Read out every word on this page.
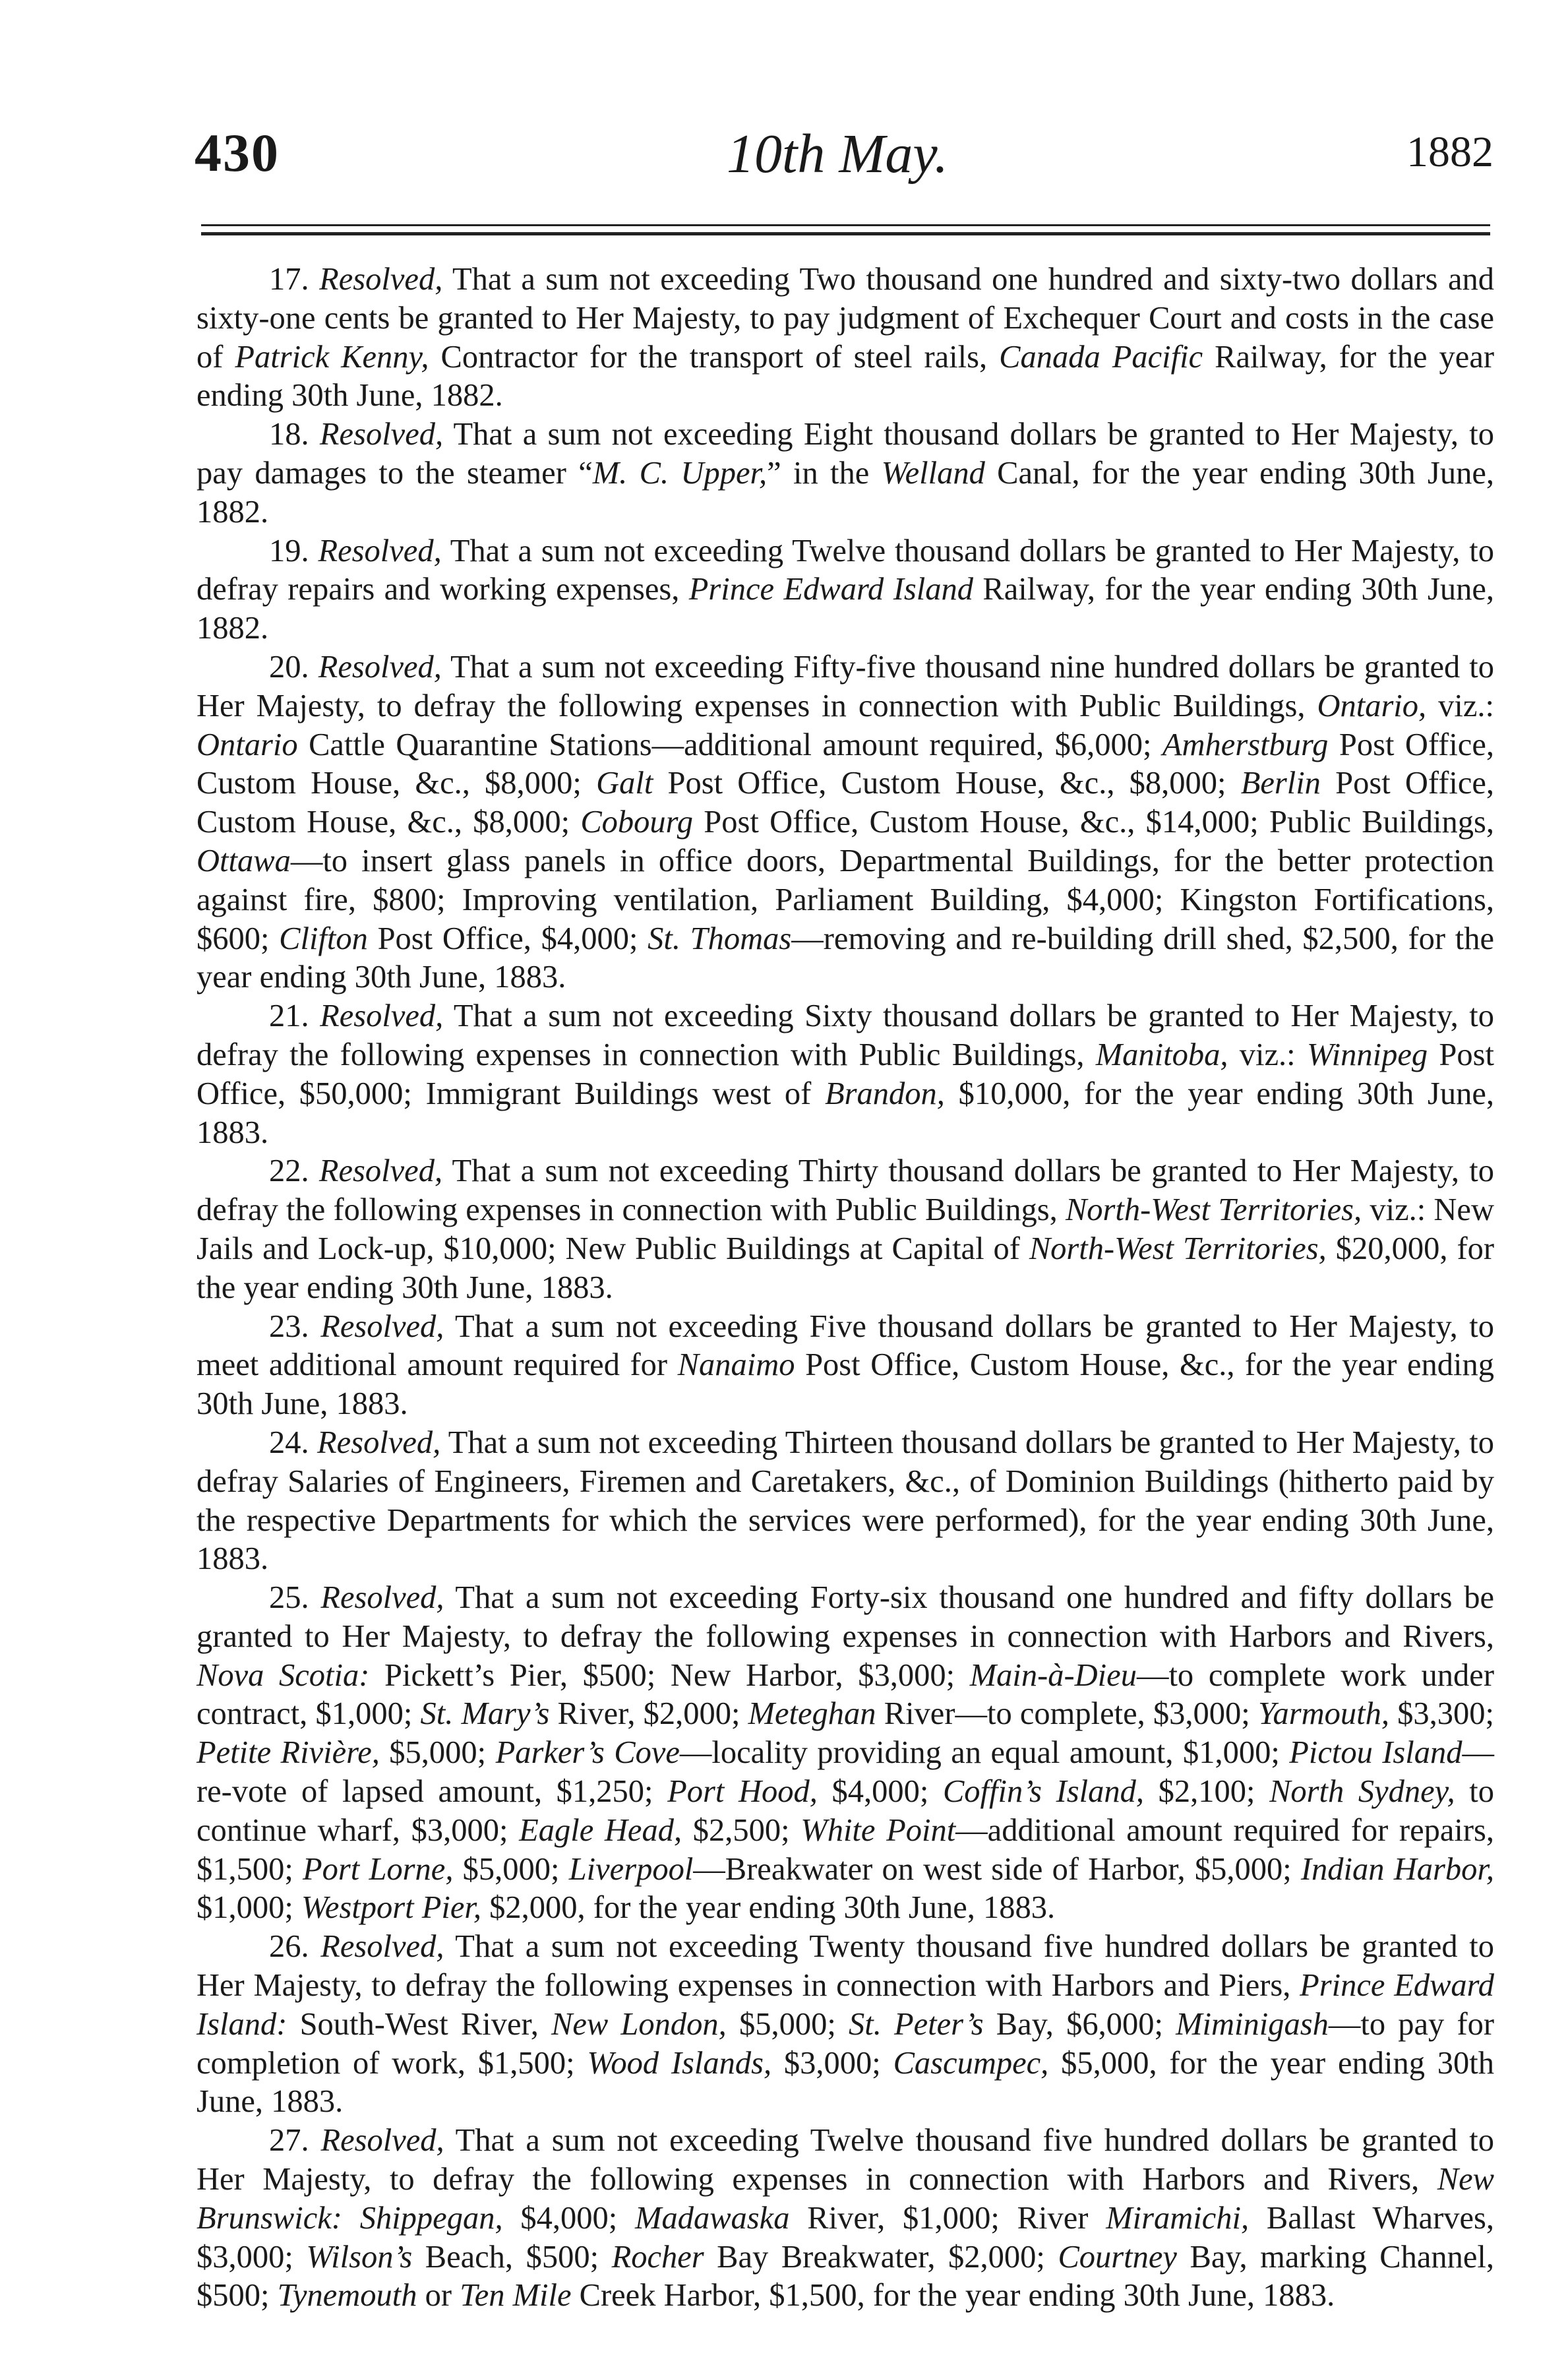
430	10th May.	1882

17. Resolved, That a sum not exceeding Two thousand one hundred and sixty-two dollars and sixty-one cents be granted to Her Majesty, to pay judgment of Exchequer Court and costs in the case of Patrick Kenny, Contractor for the transport of steel rails, Canada Pacific Railway, for the year ending 30th June, 1882.

18. Resolved, That a sum not exceeding Eight thousand dollars be granted to Her Majesty, to pay damages to the steamer “M. C. Upper,” in the Welland Canal, for the year ending 30th June, 1882.

19. Resolved, That a sum not exceeding Twelve thousand dollars be granted to Her Majesty, to defray repairs and working expenses, Prince Edward Island Railway, for the year ending 30th June, 1882.

20. Resolved, That a sum not exceeding Fifty-five thousand nine hundred dollars be granted to Her Majesty, to defray the following expenses in connection with Public Buildings, Ontario, viz.: Ontario Cattle Quarantine Stations—additional amount required, $6,000; Amherstburg Post Office, Custom House, &c., $8,000; Galt Post Office, Custom House, &c., $8,000; Berlin Post Office, Custom House, &c., $8,000; Cobourg Post Office, Custom House, &c., $14,000; Public Buildings, Ottawa—to insert glass panels in office doors, Departmental Buildings, for the better protection against fire, $800; Improving ventilation, Parliament Building, $4,000; Kingston Fortifications, $600; Clifton Post Office, $4,000; St. Thomas—removing and re-building drill shed, $2,500, for the year ending 30th June, 1883.

21. Resolved, That a sum not exceeding Sixty thousand dollars be granted to Her Majesty, to defray the following expenses in connection with Public Buildings, Manitoba, viz.: Winnipeg Post Office, $50,000; Immigrant Buildings west of Brandon, $10,000, for the year ending 30th June, 1883.

22. Resolved, That a sum not exceeding Thirty thousand dollars be granted to Her Majesty, to defray the following expenses in connection with Public Buildings, North-West Territories, viz.: New Jails and Lock-up, $10,000; New Public Buildings at Capital of North-West Territories, $20,000, for the year ending 30th June, 1883.

23. Resolved, That a sum not exceeding Five thousand dollars be granted to Her Majesty, to meet additional amount required for Nanaimo Post Office, Custom House, &c., for the year ending 30th June, 1883.

24. Resolved, That a sum not exceeding Thirteen thousand dollars be granted to Her Majesty, to defray Salaries of Engineers, Firemen and Caretakers, &c., of Dominion Buildings (hitherto paid by the respective Departments for which the services were performed), for the year ending 30th June, 1883.

25. Resolved, That a sum not exceeding Forty-six thousand one hundred and fifty dollars be granted to Her Majesty, to defray the following expenses in connection with Harbors and Rivers, Nova Scotia: Pickett’s Pier, $500; New Harbor, $3,000; Main-à-Dieu—to complete work under contract, $1,000; St. Mary’s River, $2,000; Meteghan River—to complete, $3,000; Yarmouth, $3,300; Petite Rivière, $5,000; Parker’s Cove—locality providing an equal amount, $1,000; Pictou Island—re-vote of lapsed amount, $1,250; Port Hood, $4,000; Coffin’s Island, $2,100; North Sydney, to continue wharf, $3,000; Eagle Head, $2,500; White Point—additional amount required for repairs, $1,500; Port Lorne, $5,000; Liverpool—Breakwater on west side of Harbor, $5,000; Indian Harbor, $1,000; Westport Pier, $2,000, for the year ending 30th June, 1883.

26. Resolved, That a sum not exceeding Twenty thousand five hundred dollars be granted to Her Majesty, to defray the following expenses in connection with Harbors and Piers, Prince Edward Island: South-West River, New London, $5,000; St. Peter’s Bay, $6,000; Miminigash—to pay for completion of work, $1,500; Wood Islands, $3,000; Cascumpec, $5,000, for the year ending 30th June, 1883.

27. Resolved, That a sum not exceeding Twelve thousand five hundred dollars be granted to Her Majesty, to defray the following expenses in connection with Harbors and Rivers, New Brunswick: Shippegan, $4,000; Madawaska River, $1,000; River Miramichi, Ballast Wharves, $3,000; Wilson’s Beach, $500; Rocher Bay Breakwater, $2,000; Courtney Bay, marking Channel, $500; Tynemouth or Ten Mile Creek Harbor, $1,500, for the year ending 30th June, 1883.
